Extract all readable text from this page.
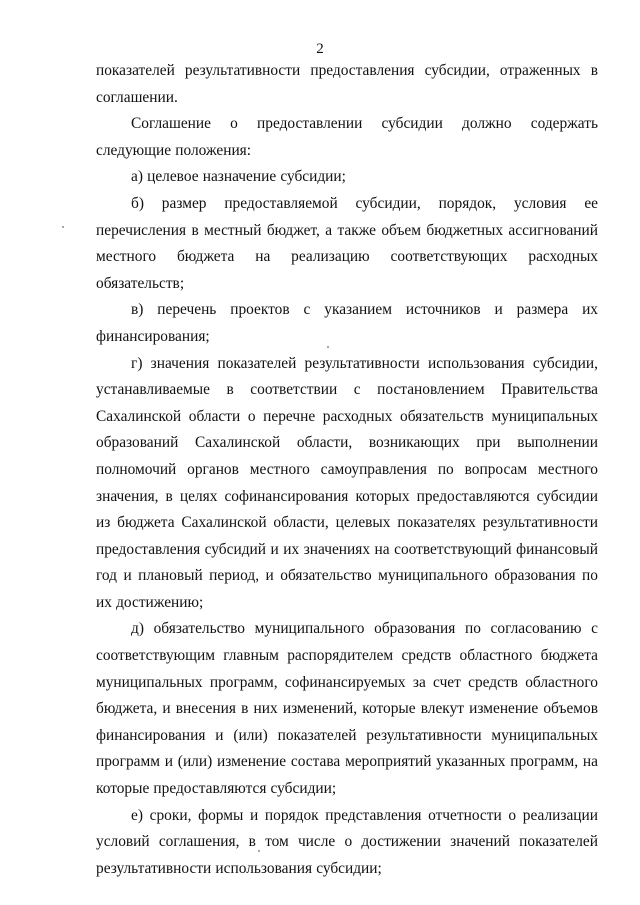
2

показателей результативности предоставления субсидии, отраженных в соглашении.

Соглашение о предоставлении субсидии должно содержать следующие положения:

а) целевое назначение субсидии;

б) размер предоставляемой субсидии, порядок, условия ее перечисления в местный бюджет, а также объем бюджетных ассигнований местного бюджета на реализацию соответствующих расходных обязательств;

в) перечень проектов с указанием источников и размера их финансирования;

г) значения показателей результативности использования субсидии, устанавливаемые в соответствии с постановлением Правительства Сахалинской области о перечне расходных обязательств муниципальных образований Сахалинской области, возникающих при выполнении полномочий органов местного самоуправления по вопросам местного значения, в целях софинансирования которых предоставляются субсидии из бюджета Сахалинской области, целевых показателях результативности предоставления субсидий и их значениях на соответствующий финансовый год и плановый период, и обязательство муниципального образования по их достижению;

д) обязательство муниципального образования по согласованию с соответствующим главным распорядителем средств областного бюджета муниципальных программ, софинансируемых за счет средств областного бюджета, и внесения в них изменений, которые влекут изменение объемов финансирования и (или) показателей результативности муниципальных программ и (или) изменение состава мероприятий указанных программ, на которые предоставляются субсидии;

е) сроки, формы и порядок представления отчетности о реализации условий соглашения, в том числе о достижении значений показателей результативности использования субсидии;
